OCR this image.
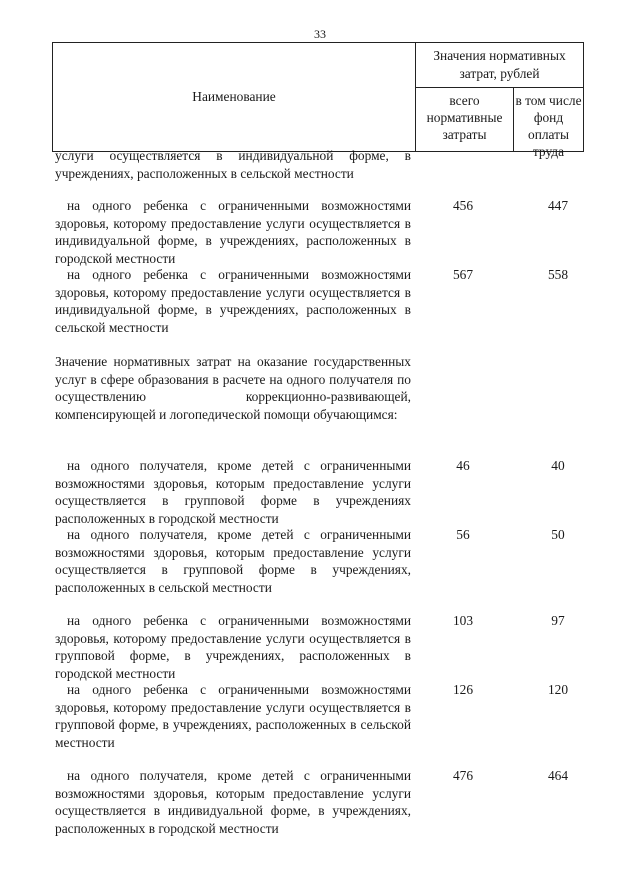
33
Наименование
Значения нормативных затрат, рублей
всего нормативные затраты
в том числе фонд оплаты труда
услуги осуществляется в индивидуальной форме, в учреждениях, расположенных в сельской местности
на одного ребенка с ограниченными возможностями здоровья, которому предоставление услуги осуществляется в индивидуальной форме, в учреждениях, расположенных в городской местности
456	447
на одного ребенка с ограниченными возможностями здоровья, которому предоставление услуги осуществляется в индивидуальной форме, в учреждениях, расположенных в сельской местности
567	558
Значение нормативных затрат на оказание государственных услуг в сфере образования в расчете на одного получателя по осуществлению коррекционно-развивающей, компенсирующей и логопедической помощи обучающимся:
на одного получателя, кроме детей с ограниченными возможностями здоровья, которым предоставление услуги осуществляется в групповой форме в учреждениях расположенных в городской местности
46	40
на одного получателя, кроме детей с ограниченными возможностями здоровья, которым предоставление услуги осуществляется в групповой форме в учреждениях, расположенных в сельской местности
56	50
на одного ребенка с ограниченными возможностями здоровья, которому предоставление услуги осуществляется в групповой форме, в учреждениях, расположенных в городской местности
103	97
на одного ребенка с ограниченными возможностями здоровья, которому предоставление услуги осуществляется в групповой форме, в учреждениях, расположенных в сельской местности
126	120
на одного получателя, кроме детей с ограниченными возможностями здоровья, которым предоставление услуги осуществляется в индивидуальной форме, в учреждениях, расположенных в городской местности
476	464
